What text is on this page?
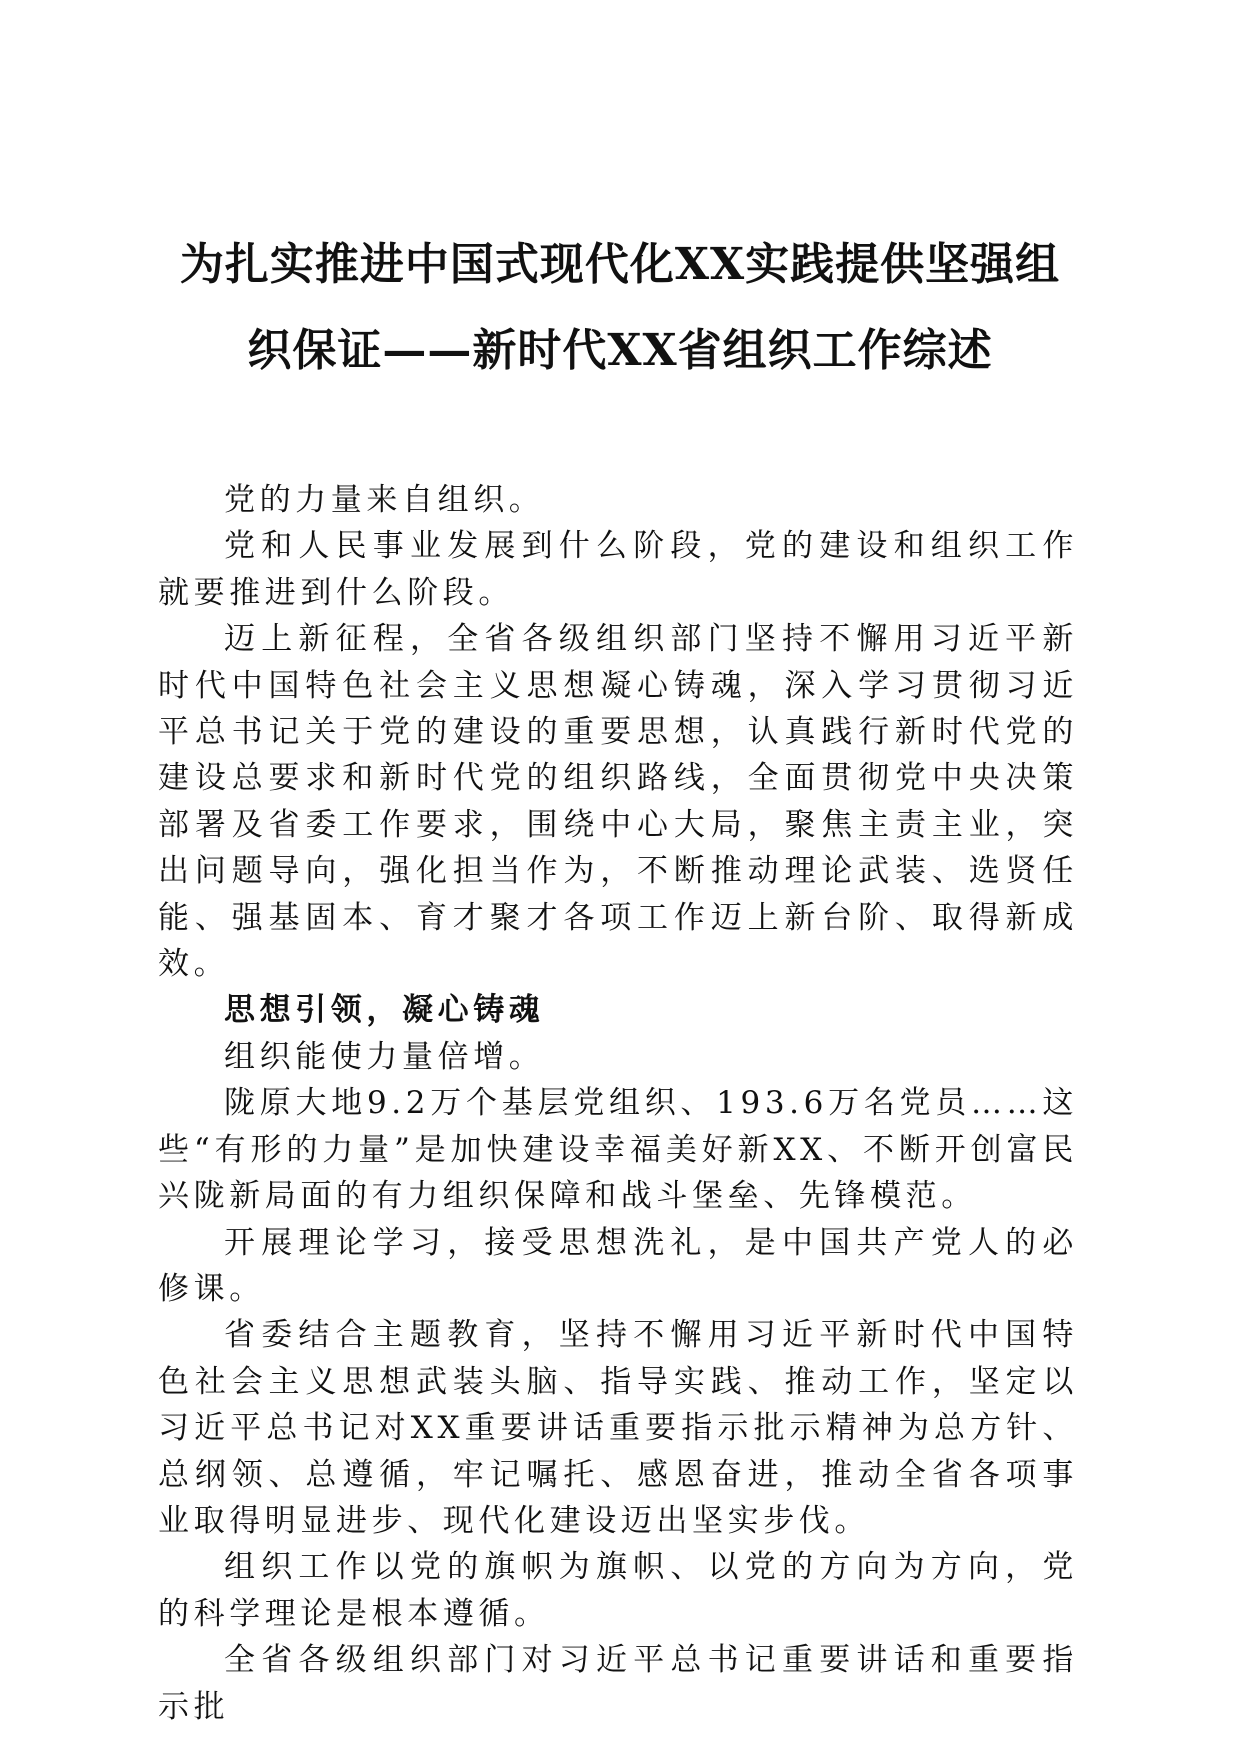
为扎实推进中国式现代化XX实践提供坚强组
织保证——新时代XX省组织工作综述

党的力量来自组织。

党和人民事业发展到什么阶段，党的建设和组织工作就要推进到什么阶段。

迈上新征程，全省各级组织部门坚持不懈用习近平新时代中国特色社会主义思想凝心铸魂，深入学习贯彻习近平总书记关于党的建设的重要思想，认真践行新时代党的建设总要求和新时代党的组织路线，全面贯彻党中央决策部署及省委工作要求，围绕中心大局，聚焦主责主业，突出问题导向，强化担当作为，不断推动理论武装、选贤任能、强基固本、育才聚才各项工作迈上新台阶、取得新成效。

思想引领，凝心铸魂

组织能使力量倍增。

陇原大地9.2万个基层党组织、193.6万名党员……这些“有形的力量”是加快建设幸福美好新XX、不断开创富民兴陇新局面的有力组织保障和战斗堡垒、先锋模范。

开展理论学习，接受思想洗礼，是中国共产党人的必修课。

省委结合主题教育，坚持不懈用习近平新时代中国特色社会主义思想武装头脑、指导实践、推动工作，坚定以习近平总书记对XX重要讲话重要指示批示精神为总方针、总纲领、总遵循，牢记嘱托、感恩奋进，推动全省各项事业取得明显进步、现代化建设迈出坚实步伐。

组织工作以党的旗帜为旗帜、以党的方向为方向，党的科学理论是根本遵循。

全省各级组织部门对习近平总书记重要讲话和重要指示批
